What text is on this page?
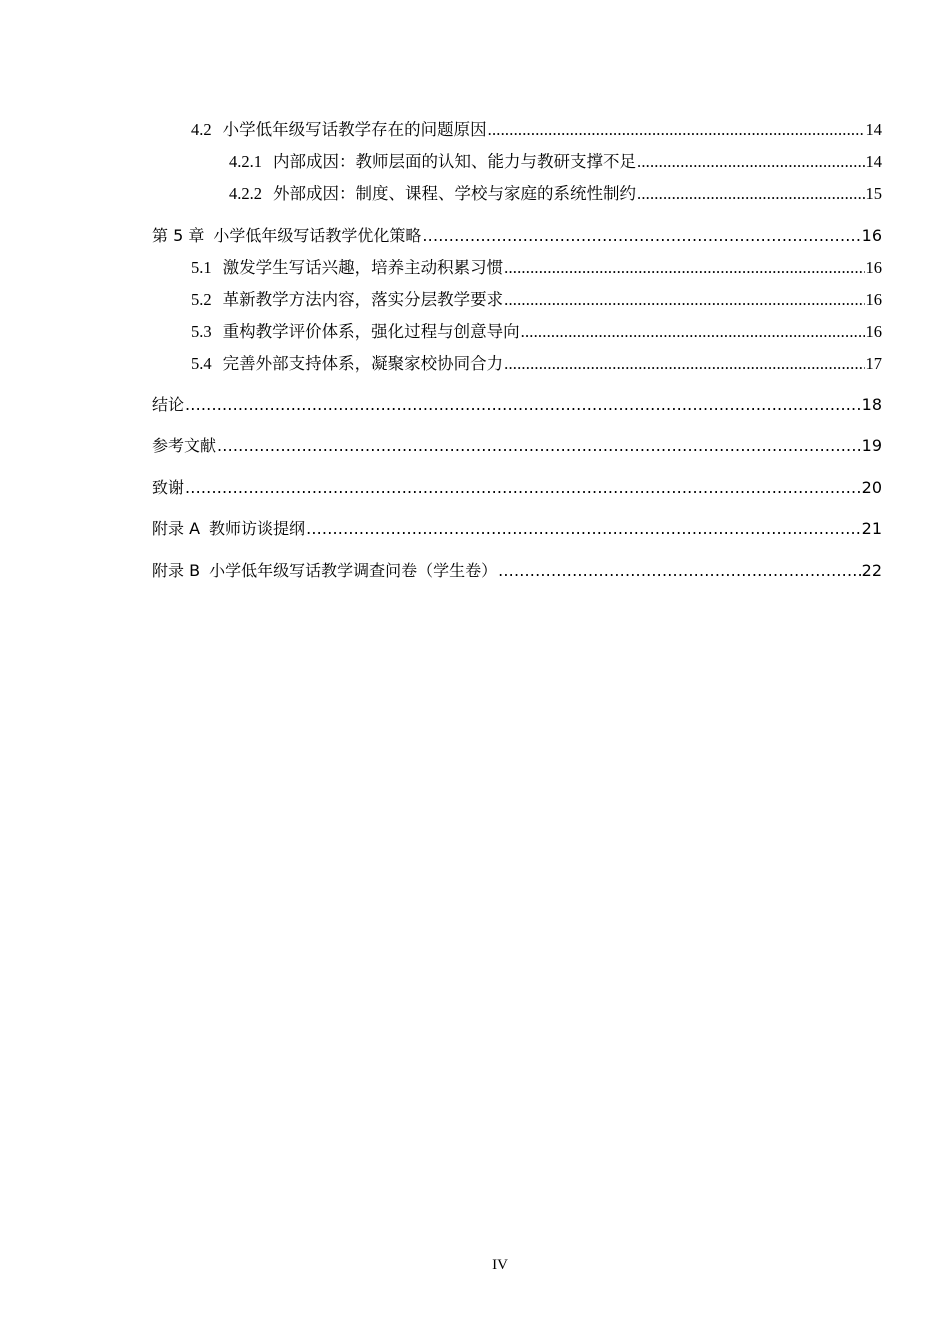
4.2 小学低年级写话教学存在的问题原因 .....	14
4.2.1 内部成因：教师层面的认知、能力与教研支撑不足 .....	14
4.2.2 外部成因：制度、课程、学校与家庭的系统性制约 .....	15
第 5 章 小学低年级写话教学优化策略 .....	16
5.1 激发学生写话兴趣，培养主动积累习惯 .....	16
5.2 革新教学方法内容，落实分层教学要求 .....	16
5.3 重构教学评价体系，强化过程与创意导向 .....	16
5.4 完善外部支持体系，凝聚家校协同合力 .....	17
结论 .....	18
参考文献 .....	19
致谢 .....	20
附录 A 教师访谈提纲 .....	21
附录 B 小学低年级写话教学调查问卷（学生卷） .....	22
IV
